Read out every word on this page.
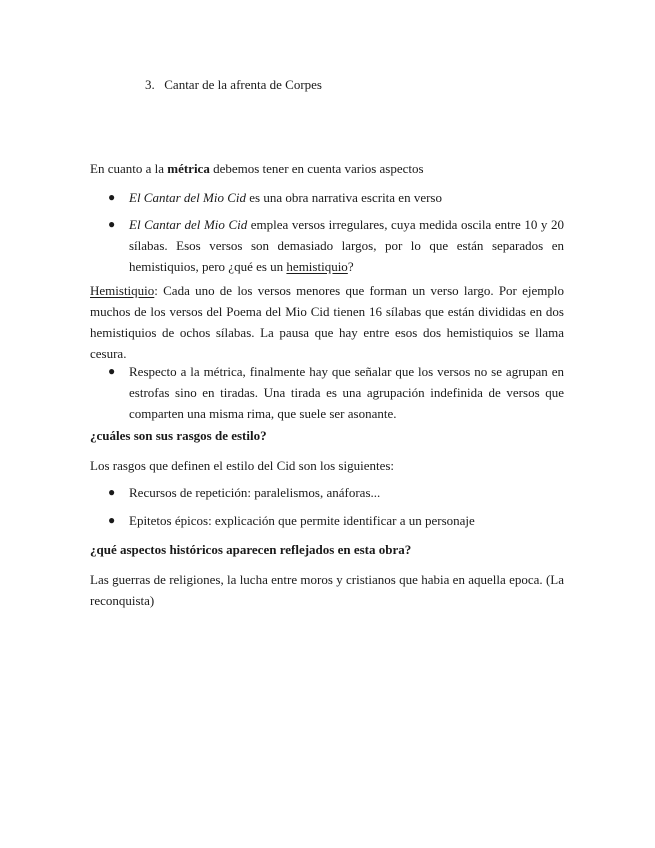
3. Cantar de la afrenta de Corpes

En cuanto a la métrica debemos tener en cuenta varios aspectos

● El Cantar del Mio Cid es una obra narrativa escrita en verso

● El Cantar del Mio Cid emplea versos irregulares, cuya medida oscila entre 10 y 20 sílabas. Esos versos son demasiado largos, por lo que están separados en hemistiquios, pero ¿qué es un hemistiquio?

Hemistiquio: Cada uno de los versos menores que forman un verso largo. Por ejemplo muchos de los versos del Poema del Mio Cid tienen 16 sílabas que están divididas en dos hemistiquios de ochos sílabas. La pausa que hay entre esos dos hemistiquios se llama cesura.

● Respecto a la métrica, finalmente hay que señalar que los versos no se agrupan en estrofas sino en tiradas. Una tirada es una agrupación indefinida de versos que comparten una misma rima, que suele ser asonante.

¿cuáles son sus rasgos de estilo?

Los rasgos que definen el estilo del Cid son los siguientes:

● Recursos de repetición: paralelismos, anáforas...

● Epitetos épicos: explicación que permite identificar a un personaje

¿qué aspectos históricos aparecen reflejados en esta obra?

Las guerras de religiones, la lucha entre moros y cristianos que habia en aquella epoca. (La reconquista)
